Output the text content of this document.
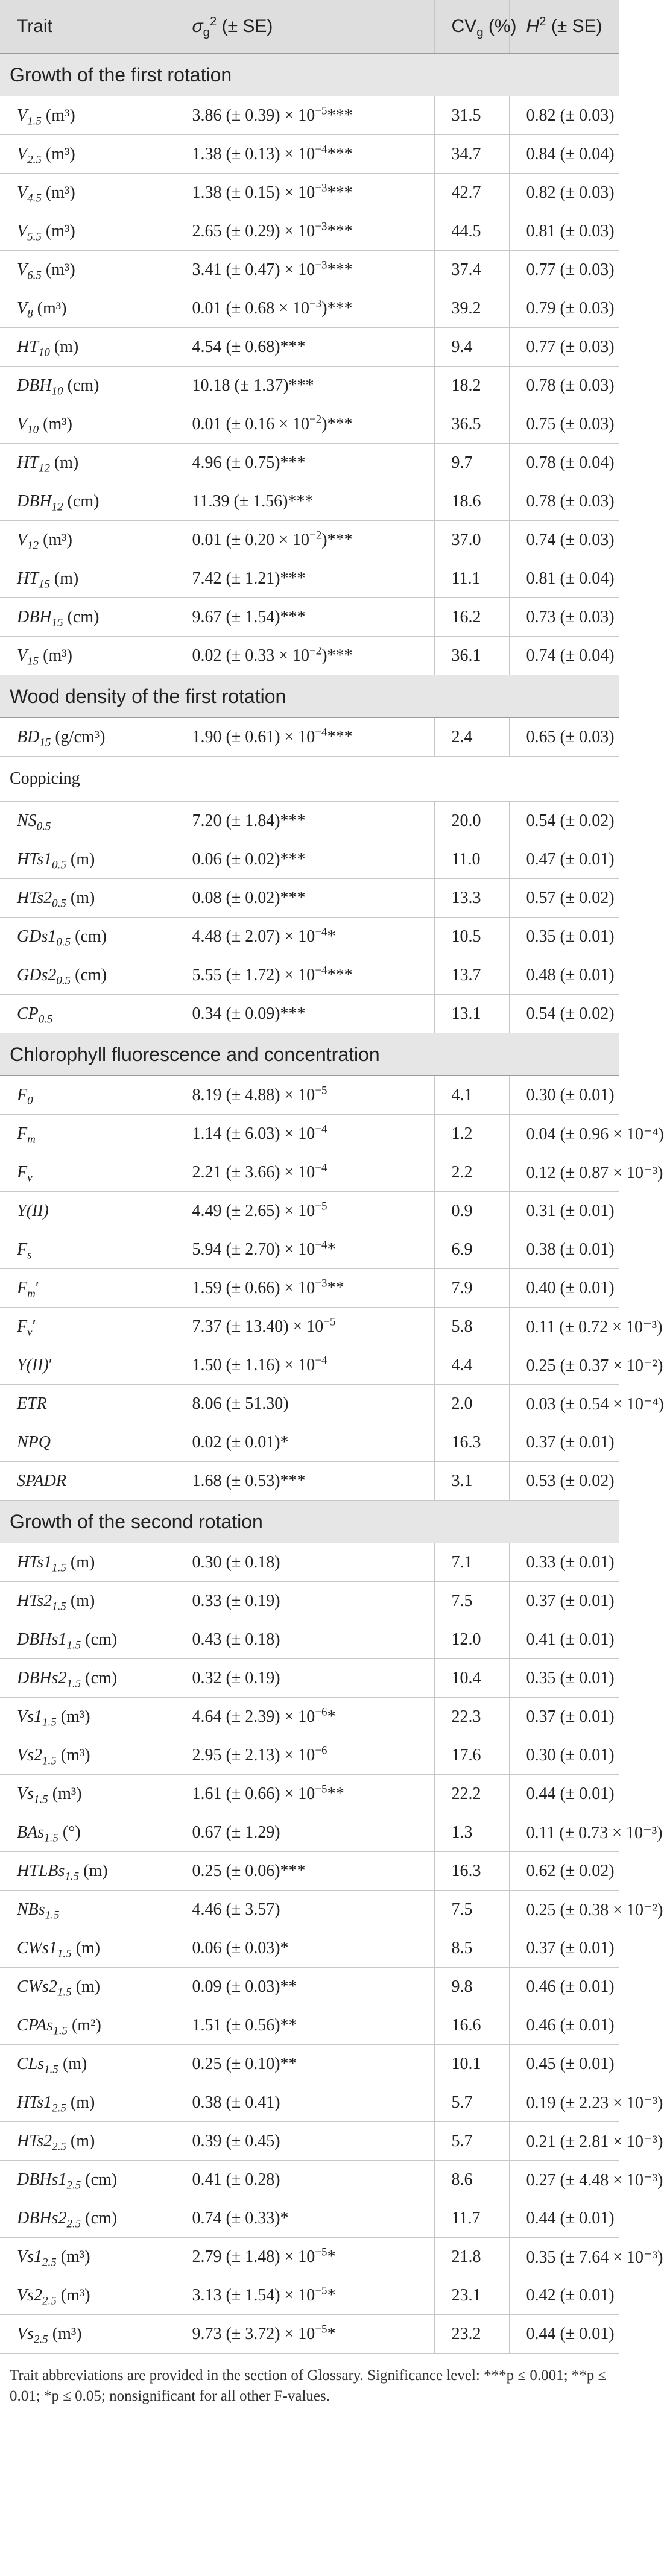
Trait	$\sigma_g^2$ (± SE)	$CV_g$ (%)	$H^2$ (± SE)
Growth of the first rotation			
$V_{1.5}$ (m³)	3.86 (± $0.39) \times 10^{-5}***$	31.5	0.82 (± 0.03)
$V_{2.5}$ (m³)	1.38 (± $0.13) \times 10^{-4}***$	34.7	0.84 (± 0.04)
$V_{4.5}$ (m³)	1.38 (± $0.15) \times 10^{-3}***$	42.7	0.82 (± 0.03)
$V_{5.5}$ (m³)	2.65 (± $0.29) \times 10^{-3}***$	44.5	0.81 (± 0.03)
$V_{6.5}$ (m³)	3.41 (± $0.47) \times 10^{-3}***$	37.4	0.77 (± 0.03)
$V_8$ (m³)	0.01 (± $0.68 \times 10^{-3})***$	39.2	0.79 (± 0.03)
$HT_{10}$ (m)	4.54 (± 0.68)***	9.4	0.77 (± 0.03)
$DBH_{10}$ (cm)	10.18 (± 1.37)***	18.2	0.78 (± 0.03)
$V_{10}$ (m³)	0.01 (± $0.16 \times 10^{-2})***$	36.5	0.75 (± 0.03)
$HT_{12}$ (m)	4.96 (± 0.75)***	9.7	0.78 (± 0.04)
$DBH_{12}$ (cm)	11.39 (± 1.56)***	18.6	0.78 (± 0.03)
$V_{12}$ (m³)	0.01 (± $0.20 \times 10^{-2})***$	37.0	0.74 (± 0.03)
$HT_{15}$ (m)	7.42 (± 1.21)***	11.1	0.81 (± 0.04)
$DBH_{15}$ (cm)	9.67 (± 1.54)***	16.2	0.73 (± 0.03)
$V_{15}$ (m³)	0.02 (± $0.33 \times 10^{-2})***$	36.1	0.74 (± 0.04)
Wood density of the first rotation			
$BD_{15}$ (g/cm³)	1.90 (± $0.61) \times 10^{-4}***$	2.4	0.65 (± 0.03)
Coppicing			
$NS_{0.5}$	7.20 (± 1.84)***	20.0	0.54 (± 0.02)
$HTs1_{0.5}$ (m)	0.06 (± 0.02)***	11.0	0.47 (± 0.01)
$HTs2_{0.5}$ (m)	0.08 (± 0.02)***	13.3	0.57 (± 0.02)
$GDs1_{0.5}$ (cm)	4.48 (± $2.07) \times 10^{-4}*$	10.5	0.35 (± 0.01)
$GDs2_{0.5}$ (cm)	5.55 (± $1.72) \times 10^{-4}***$	13.7	0.48 (± 0.01)
$CP_{0.5}$	0.34 (± 0.09)***	13.1	0.54 (± 0.02)
Chlorophyll fluorescence and concentration			
$F_0$	8.19 (± $4.88) \times 10^{-5}$	4.1	0.30 (± 0.01)
$F_m$	1.14 (± $6.03) \times 10^{-4}$	1.2	0.04 (± 0.96 × 10⁻⁴)
$F_v$	2.21 (± $3.66) \times 10^{-4}$	2.2	0.12 (± 0.87 × 10⁻³)
Y(II)	4.49 (± $2.65) \times 10^{-5}$	0.9	0.31 (± 0.01)
$F_s$	5.94 (± $2.70) \times 10^{-4}*$	6.9	0.38 (± 0.01)
$F_m'$	1.59 (± $0.66) \times 10^{-3}**$	7.9	0.40 (± 0.01)
$F_v'$	7.37 (± $13.40) \times 10^{-5}$	5.8	0.11 (± 0.72 × 10⁻³)
Y(II)′	1.50 (± $1.16) \times 10^{-4}$	4.4	0.25 (± 0.37 × 10⁻²)
ETR	8.06 (± 51.30)	2.0	0.03 (± 0.54 × 10⁻⁴)
NPQ	0.02 (± 0.01)*	16.3	0.37 (± 0.01)
SPADR	1.68 (± 0.53)***	3.1	0.53 (± 0.02)
Growth of the second rotation			
$HTs1_{1.5}$ (m)	0.30 (± 0.18)	7.1	0.33 (± 0.01)
$HTs2_{1.5}$ (m)	0.33 (± 0.19)	7.5	0.37 (± 0.01)
$DBHs1_{1.5}$ (cm)	0.43 (± 0.18)	12.0	0.41 (± 0.01)
$DBHs2_{1.5}$ (cm)	0.32 (± 0.19)	10.4	0.35 (± 0.01)
$Vs1_{1.5}$ (m³)	4.64 (± $2.39) \times 10^{-6}*$	22.3	0.37 (± 0.01)
$Vs2_{1.5}$ (m³)	2.95 (± $2.13) \times 10^{-6}$	17.6	0.30 (± 0.01)
$Vs_{1.5}$ (m³)	1.61 (± $0.66) \times 10^{-5}**$	22.2	0.44 (± 0.01)
BAs$_{1.5}$ (°)	0.67 (± 1.29)	1.3	0.11 (± 0.73 × 10⁻³)
HTLBs$_{1.5}$ (m)	0.25 (± 0.06)***	16.3	0.62 (± 0.02)
NBs$_{1.5}$	4.46 (± 3.57)	7.5	0.25 (± 0.38 × 10⁻²)
$CWs1_{1.5}$ (m)	0.06 (± 0.03)*	8.5	0.37 (± 0.01)
$CWs2_{1.5}$ (m)	0.09 (± 0.03)**	9.8	0.46 (± 0.01)
CPAs$_{1.5}$ (m²)	1.51 (± 0.56)**	16.6	0.46 (± 0.01)
CLs$_{1.5}$ (m)	0.25 (± 0.10)**	10.1	0.45 (± 0.01)
$HTs1_{2.5}$ (m)	0.38 (± 0.41)	5.7	0.19 (± 2.23 × 10⁻³)
$HTs2_{2.5}$ (m)	0.39 (± 0.45)	5.7	0.21 (± 2.81 × 10⁻³)
$DBHs1_{2.5}$ (cm)	0.41 (± 0.28)	8.6	0.27 (± 4.48 × 10⁻³)
$DBHs2_{2.5}$ (cm)	0.74 (± 0.33)*	11.7	0.44 (± 0.01)
$Vs1_{2.5}$ (m³)	2.79 (± $1.48) \times 10^{-5}*$	21.8	0.35 (± 7.64 × 10⁻³)
$Vs2_{2.5}$ (m³)	3.13 (± $1.54) \times 10^{-5}*$	23.1	0.42 (± 0.01)
$Vs_{2.5}$ (m³)	9.73 (± $3.72) \times 10^{-5}*$	23.2	0.44 (± 0.01)
Trait abbreviations are provided in the section of Glossary. Significance level: ***p ≤ 0.001; **p ≤ 0.01; *p ≤ 0.05; nonsignificant for all other F-values.
